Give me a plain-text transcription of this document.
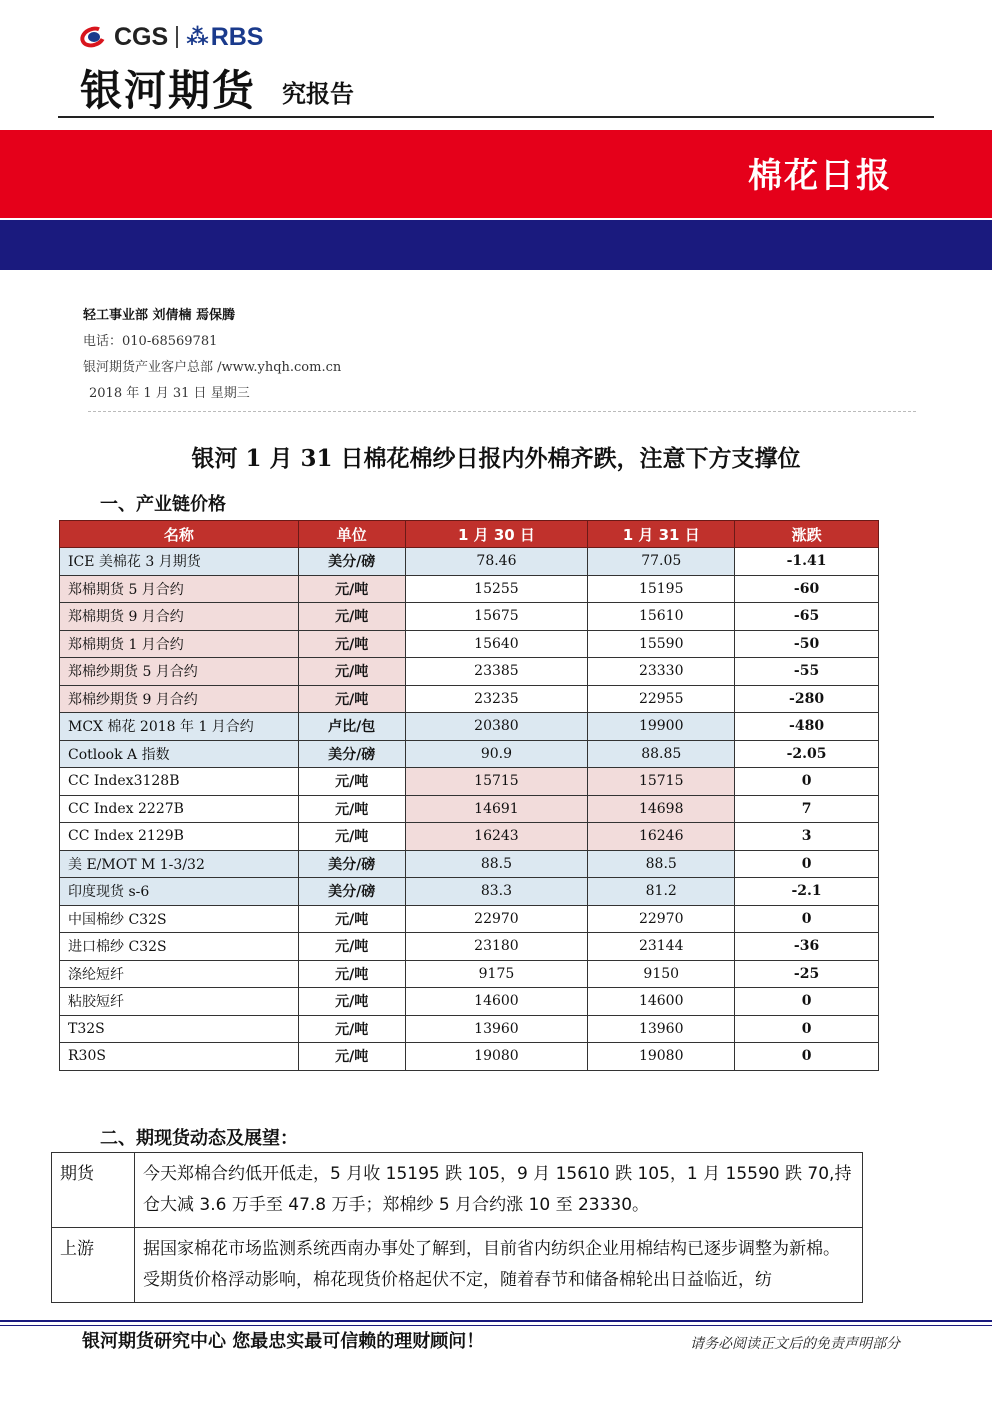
CGS ⁂ RBS
银河期货 究报告
棉花日报
轻工事业部 刘倩楠 焉保腾
电话：010-68569781
银河期货产业客户总部 /www.yhqh.com.cn
2018 年 1 月 31 日 星期三
银河 1 月 31 日棉花棉纱日报内外棉齐跌，注意下方支撑位
一、产业链价格
名称	单位	1 月 30 日	1 月 31 日	涨跌
ICE 美棉花 3 月期货	美分/磅	78.46	77.05	-1.41
郑棉期货 5 月合约	元/吨	15255	15195	-60
郑棉期货 9 月合约	元/吨	15675	15610	-65
郑棉期货 1 月合约	元/吨	15640	15590	-50
郑棉纱期货 5 月合约	元/吨	23385	23330	-55
郑棉纱期货 9 月合约	元/吨	23235	22955	-280
MCX 棉花 2018 年 1 月合约	卢比/包	20380	19900	-480
Cotlook A 指数	美分/磅	90.9	88.85	-2.05
CC Index3128B	元/吨	15715	15715	0
CC Index 2227B	元/吨	14691	14698	7
CC Index 2129B	元/吨	16243	16246	3
美 E/MOT M 1-3/32	美分/磅	88.5	88.5	0
印度现货 s-6	美分/磅	83.3	81.2	-2.1
中国棉纱 C32S	元/吨	22970	22970	0
进口棉纱 C32S	元/吨	23180	23144	-36
涤纶短纤	元/吨	9175	9150	-25
粘胶短纤	元/吨	14600	14600	0
T32S	元/吨	13960	13960	0
R30S	元/吨	19080	19080	0
二、期现货动态及展望：
期货	今天郑棉合约低开低走，5 月收 15195 跌 105，9 月 15610 跌 105，1 月 15590 跌 70,持仓大减 3.6 万手至 47.8 万手；郑棉纱 5 月合约涨 10 至 23330。
上游	据国家棉花市场监测系统西南办事处了解到，目前省内纺织企业用棉结构已逐步调整为新棉。受期货价格浮动影响，棉花现货价格起伏不定，随着春节和储备棉轮出日益临近，纺
银河期货研究中心 您最忠实最可信赖的理财顾问！	请务必阅读正文后的免责声明部分
